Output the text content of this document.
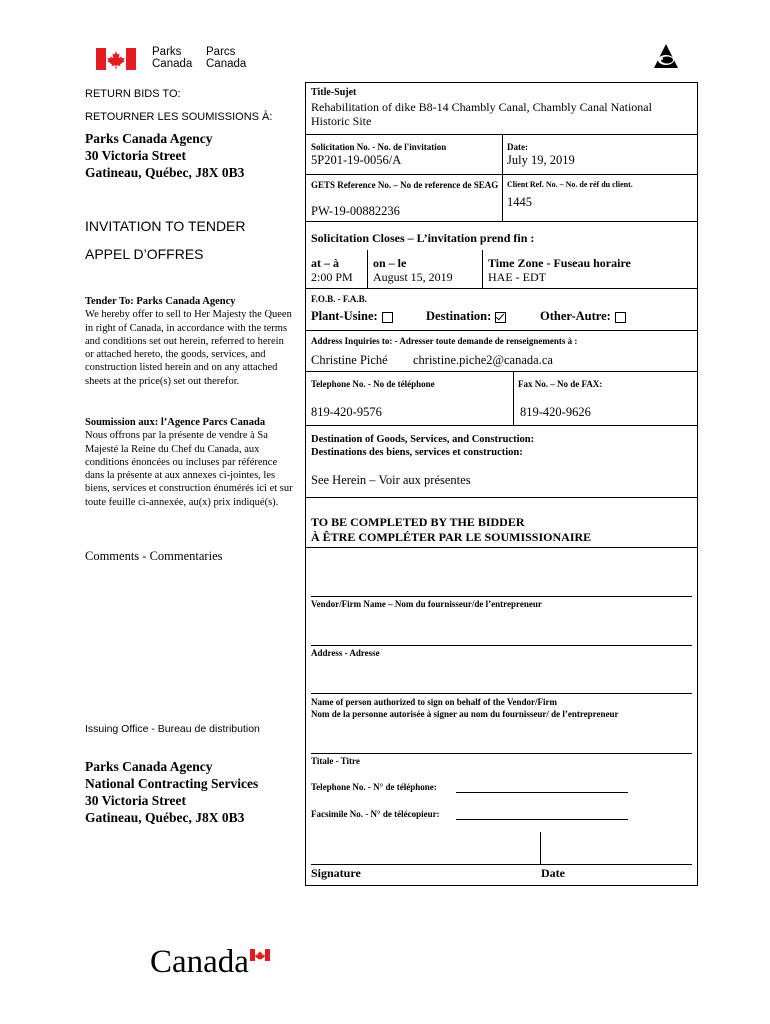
Parks
Canada
Parcs
Canada
RETURN BIDS TO:
RETOURNER LES SOUMISSIONS À:
Parks Canada Agency
30 Victoria Street
Gatineau, Québec, J8X 0B3
INVITATION TO TENDER
APPEL D’OFFRES
Tender To: Parks Canada Agency
We hereby offer to sell to Her Majesty the Queen in right of Canada, in accordance with the terms and conditions set out herein, referred to herein or attached hereto, the goods, services, and construction listed herein and on any attached sheets at the price(s) set out therefor.
Soumission aux: l’Agence Parcs Canada
Nous offrons par la présente de vendre à Sa Majesté la Reine du Chef du Canada, aux conditions énoncées ou incluses par référence dans la présente at aux annexes ci-jointes, les biens, services et construction énumérés ici et sur toute feuille ci-annexée, au(x) prix indiqué(s).
Comments - Commentaries
Issuing Office - Bureau de distribution
Parks Canada Agency
National Contracting Services
30 Victoria Street
Gatineau, Québec, J8X 0B3
Title-Sujet
Rehabilitation of dike B8-14 Chambly Canal, Chambly Canal National Historic Site
Solicitation No. - No. de l'invitation
5P201-19-0056/A
Date:
July 19, 2019
GETS Reference No. – No de reference de SEAG
PW-19-00882236
Client Ref. No. – No. de réf du client.
1445
Solicitation Closes – L’invitation prend fin :
at – à
2:00 PM
on – le
August 15, 2019
Time Zone - Fuseau horaire
HAE - EDT
F.O.B. - F.A.B.
Plant-Usine:	Destination:	Other-Autre:
Address Inquiries to: - Adresser toute demande de renseignements à :
Christine Piché christine.piche2@canada.ca
Telephone No. - No de téléphone	Fax No. – No de FAX:
819-420-9576	819-420-9626
Destination of Goods, Services, and Construction:
Destinations des biens, services et construction:
See Herein – Voir aux présentes
TO BE COMPLETED BY THE BIDDER
À ÊTRE COMPLÉTER PAR LE SOUMISSIONAIRE
Vendor/Firm Name – Nom du fournisseur/de l’entrepreneur
Address - Adresse
Name of person authorized to sign on behalf of the Vendor/Firm
Nom de la personne autorisée à signer au nom du fournisseur/ de l’entrepreneur
Titale - Titre
Telephone No. - N° de téléphone:
Facsimile No. - N° de télécopieur:
Signature	Date
Canada
